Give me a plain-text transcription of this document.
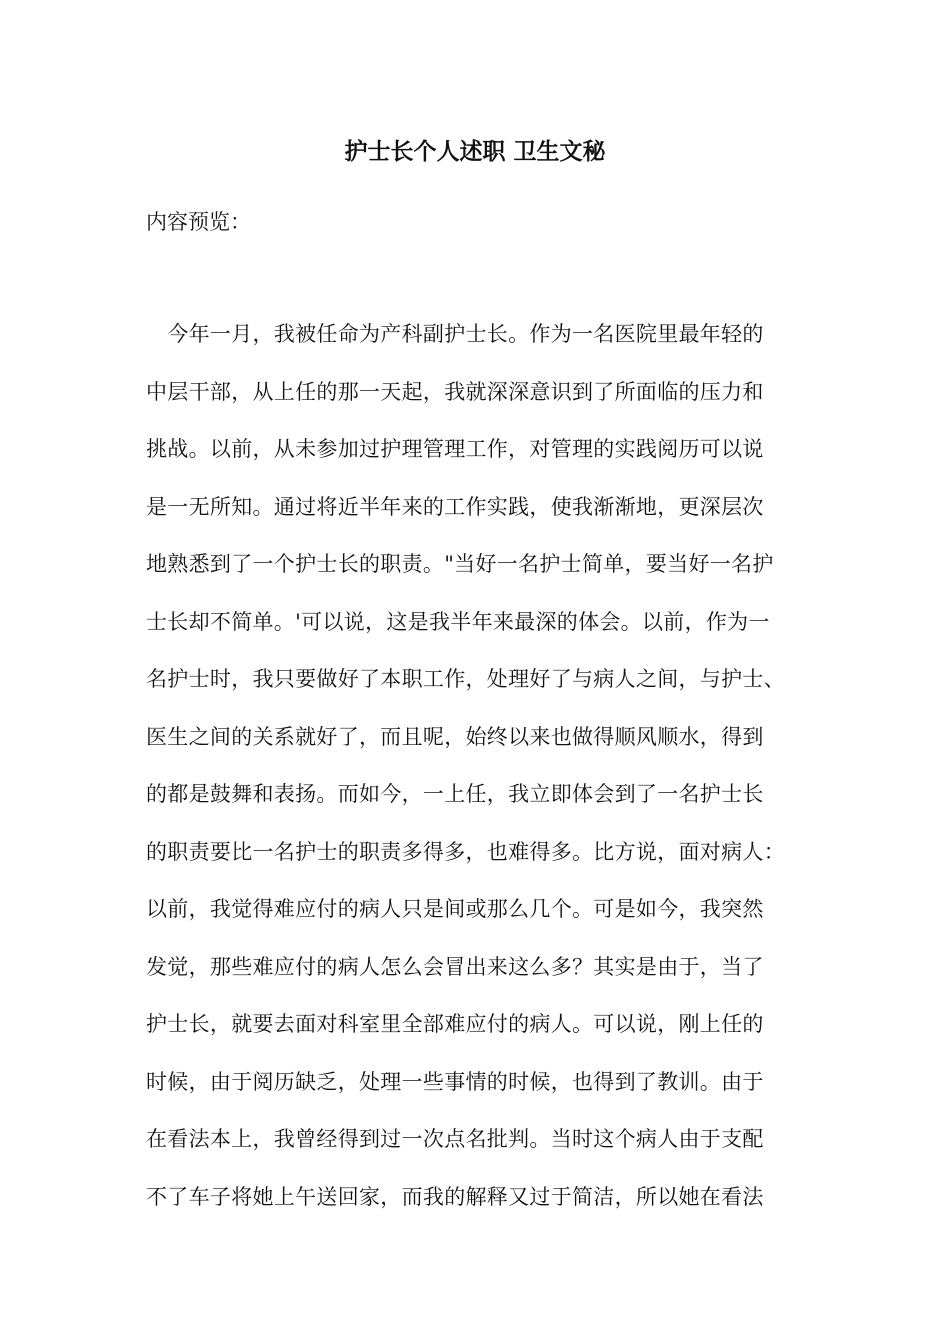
护士长个人述职 卫生文秘
内容预览：
　今年一月，我被任命为产科副护士长。作为一名医院里最年轻的
中层干部，从上任的那一天起，我就深深意识到了所面临的压力和
挑战。以前，从未参加过护理管理工作，对管理的实践阅历可以说
是一无所知。通过将近半年来的工作实践，使我渐渐地，更深层次
地熟悉到了一个护士长的职责。"当好一名护士简单，要当好一名护
士长却不简单。'可以说，这是我半年来最深的体会。以前，作为一
名护士时，我只要做好了本职工作，处理好了与病人之间，与护士、
医生之间的关系就好了，而且呢，始终以来也做得顺风顺水，得到
的都是鼓舞和表扬。而如今，一上任，我立即体会到了一名护士长
的职责要比一名护士的职责多得多，也难得多。比方说，面对病人：
以前，我觉得难应付的病人只是间或那么几个。可是如今，我突然
发觉，那些难应付的病人怎么会冒出来这么多？其实是由于，当了
护士长，就要去面对科室里全部难应付的病人。可以说，刚上任的
时候，由于阅历缺乏，处理一些事情的时候，也得到了教训。由于
在看法本上，我曾经得到过一次点名批判。当时这个病人由于支配
不了车子将她上午送回家，而我的解释又过于简洁，所以她在看法
